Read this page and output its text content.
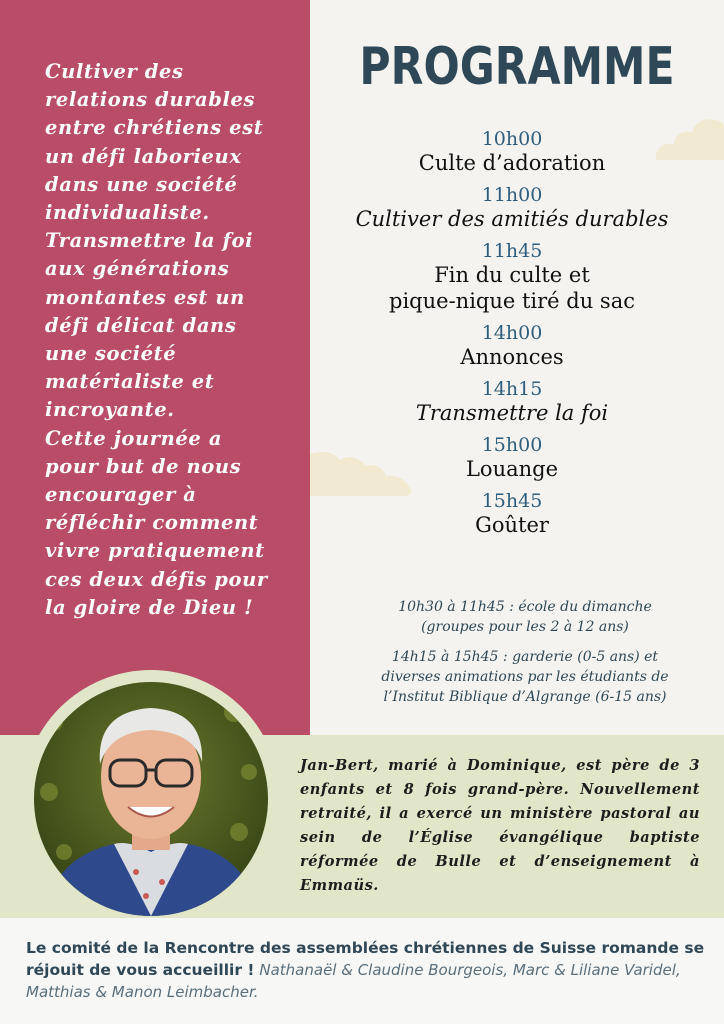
Cultiver des
relations durables
entre chrétiens est
un défi laborieux
dans une société
individualiste.
Transmettre la foi
aux générations
montantes est un
défi délicat dans
une société
matérialiste et
incroyante.
Cette journée a
pour but de nous
encourager à
réfléchir comment
vivre pratiquement
ces deux défis pour
la gloire de Dieu !
PROGRAMME
10h00
Culte d’adoration
11h00
Cultiver des amitiés durables
11h45
Fin du culte et
pique-nique tiré du sac
14h00
Annonces
14h15
Transmettre la foi
15h00
Louange
15h45
Goûter

10h30 à 11h45 : école du dimanche
(groupes pour les 2 à 12 ans)

14h15 à 15h45 : garderie (0-5 ans) et
diverses animations par les étudiants de
l’Institut Biblique d’Algrange (6-15 ans)

Jan-Bert, marié à Dominique, est père de 3 enfants et 8 fois grand-père. Nouvellement retraité, il a exercé un ministère pastoral au sein de l’Église évangélique baptiste réformée de Bulle et d’enseignement à Emmaüs.
Le comité de la Rencontre des assemblées chrétiennes de Suisse romande se réjouit de vous accueillir ! Nathanaël & Claudine Bourgeois, Marc & Liliane Varidel, Matthias & Manon Leimbacher.
